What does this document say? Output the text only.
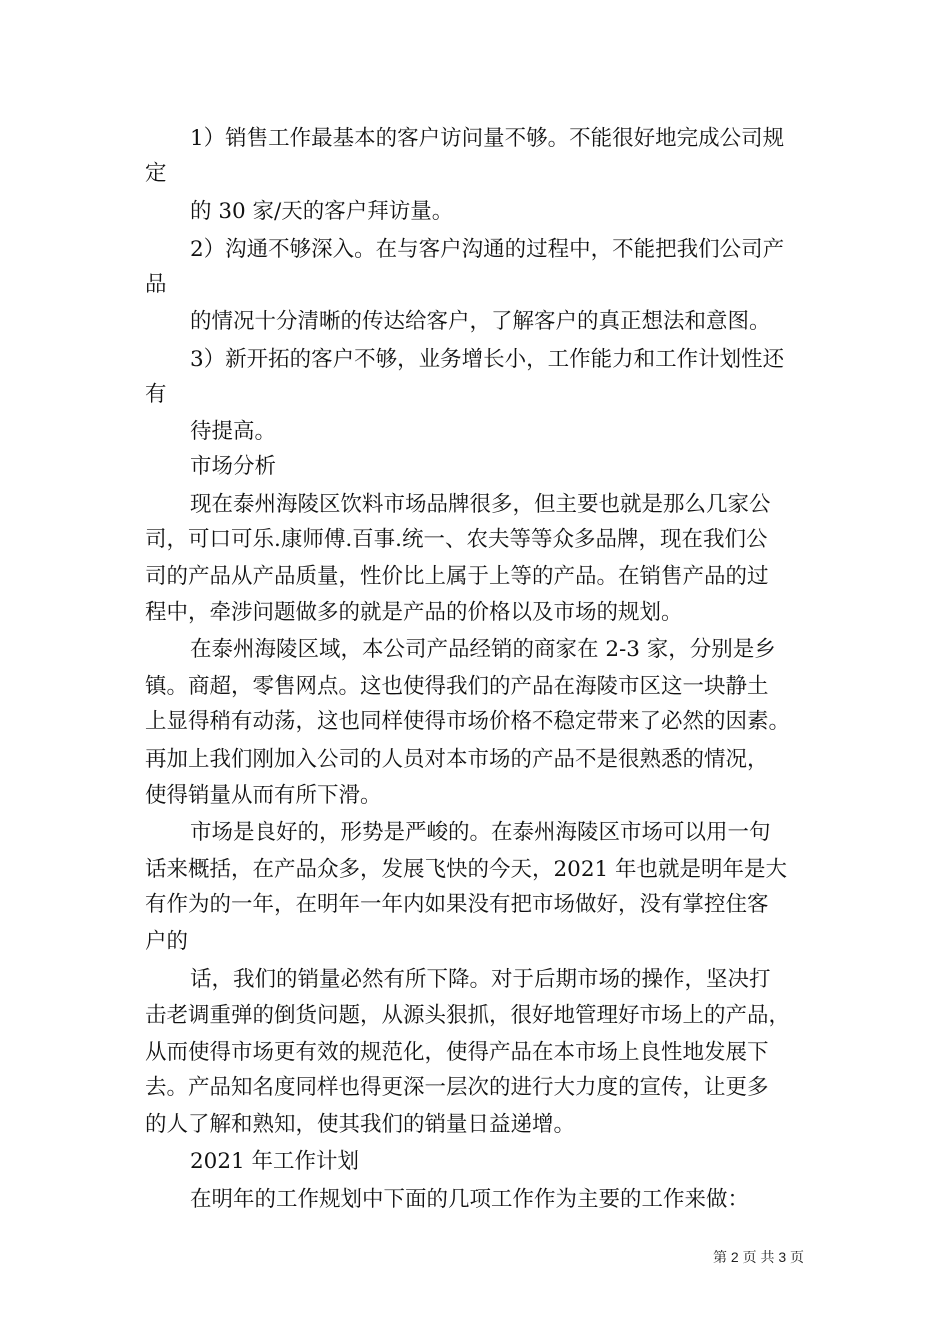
1）销售工作最基本的客户访问量不够。不能很好地完成公司规
定
的 30 家/天的客户拜访量。
2）沟通不够深入。在与客户沟通的过程中，不能把我们公司产
品
的情况十分清晰的传达给客户，了解客户的真正想法和意图。
3）新开拓的客户不够，业务增长小，工作能力和工作计划性还
有
待提高。
市场分析
现在泰州海陵区饮料市场品牌很多，但主要也就是那么几家公
司，可口可乐.康师傅.百事.统一、农夫等等众多品牌，现在我们公
司的产品从产品质量，性价比上属于上等的产品。在销售产品的过
程中，牵涉问题做多的就是产品的价格以及市场的规划。
在泰州海陵区域，本公司产品经销的商家在 2-3 家，分别是乡
镇。商超，零售网点。这也使得我们的产品在海陵市区这一块静土
上显得稍有动荡，这也同样使得市场价格不稳定带来了必然的因素。
再加上我们刚加入公司的人员对本市场的产品不是很熟悉的情况，
使得销量从而有所下滑。
市场是良好的，形势是严峻的。在泰州海陵区市场可以用一句
话来概括，在产品众多，发展飞快的今天，2021 年也就是明年是大
有作为的一年，在明年一年内如果没有把市场做好，没有掌控住客
户的
话，我们的销量必然有所下降。对于后期市场的操作，坚决打
击老调重弹的倒货问题，从源头狠抓，很好地管理好市场上的产品，
从而使得市场更有效的规范化，使得产品在本市场上良性地发展下
去。产品知名度同样也得更深一层次的进行大力度的宣传，让更多
的人了解和熟知，使其我们的销量日益递增。
2021 年工作计划
在明年的工作规划中下面的几项工作作为主要的工作来做：
第 2 页 共 3 页
